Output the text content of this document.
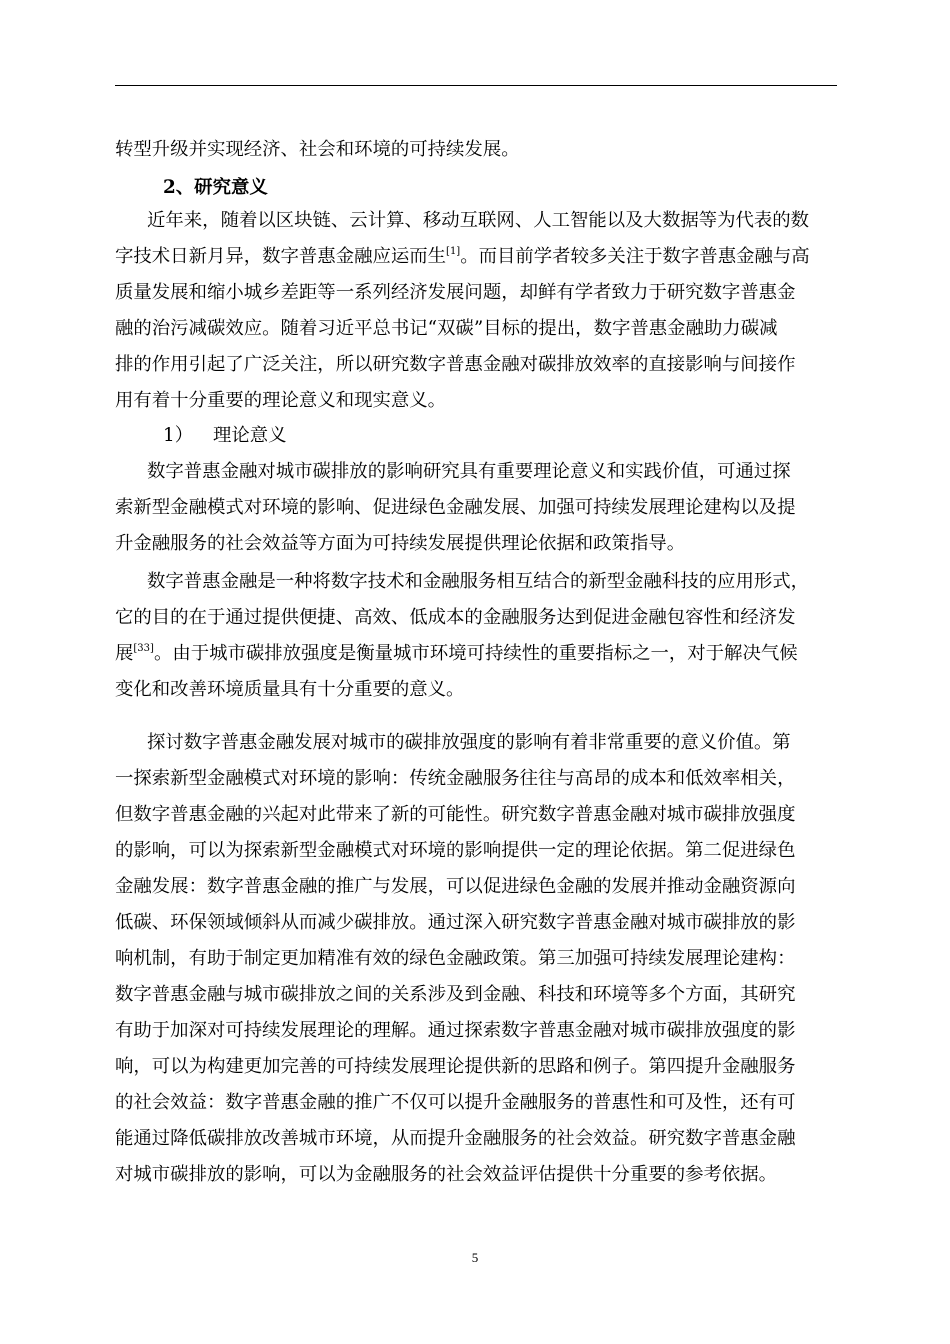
转型升级并实现经济、社会和环境的可持续发展。
2、研究意义
近年来，随着以区块链、云计算、移动互联网、人工智能以及大数据等为代表的数
字技术日新月异，数字普惠金融应运而生[1]。而目前学者较多关注于数字普惠金融与高
质量发展和缩小城乡差距等一系列经济发展问题，却鲜有学者致力于研究数字普惠金
融的治污减碳效应。随着习近平总书记“双碳”目标的提出，数字普惠金融助力碳减
排的作用引起了广泛关注，所以研究数字普惠金融对碳排放效率的直接影响与间接作
用有着十分重要的理论意义和现实意义。
1） 理论意义
数字普惠金融对城市碳排放的影响研究具有重要理论意义和实践价值，可通过探
索新型金融模式对环境的影响、促进绿色金融发展、加强可持续发展理论建构以及提
升金融服务的社会效益等方面为可持续发展提供理论依据和政策指导。
数字普惠金融是一种将数字技术和金融服务相互结合的新型金融科技的应用形式，
它的目的在于通过提供便捷、高效、低成本的金融服务达到促进金融包容性和经济发
展[33]。由于城市碳排放强度是衡量城市环境可持续性的重要指标之一，对于解决气候
变化和改善环境质量具有十分重要的意义。
探讨数字普惠金融发展对城市的碳排放强度的影响有着非常重要的意义价值。第
一探索新型金融模式对环境的影响：传统金融服务往往与高昂的成本和低效率相关，
但数字普惠金融的兴起对此带来了新的可能性。研究数字普惠金融对城市碳排放强度
的影响，可以为探索新型金融模式对环境的影响提供一定的理论依据。第二促进绿色
金融发展：数字普惠金融的推广与发展，可以促进绿色金融的发展并推动金融资源向
低碳、环保领域倾斜从而减少碳排放。通过深入研究数字普惠金融对城市碳排放的影
响机制，有助于制定更加精准有效的绿色金融政策。第三加强可持续发展理论建构：
数字普惠金融与城市碳排放之间的关系涉及到金融、科技和环境等多个方面，其研究
有助于加深对可持续发展理论的理解。通过探索数字普惠金融对城市碳排放强度的影
响，可以为构建更加完善的可持续发展理论提供新的思路和例子。第四提升金融服务
的社会效益：数字普惠金融的推广不仅可以提升金融服务的普惠性和可及性，还有可
能通过降低碳排放改善城市环境，从而提升金融服务的社会效益。研究数字普惠金融
对城市碳排放的影响，可以为金融服务的社会效益评估提供十分重要的参考依据。
5
